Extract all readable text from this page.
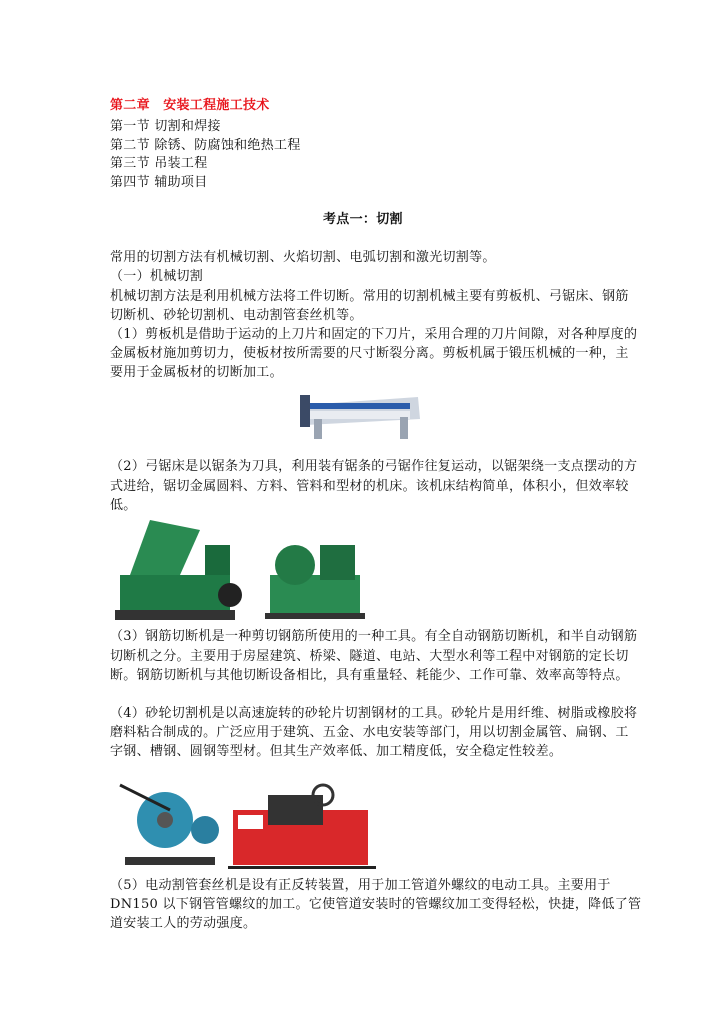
第二章　安装工程施工技术
第一节 切割和焊接
第二节 除锈、防腐蚀和绝热工程
第三节 吊装工程
第四节 辅助项目
考点一：切割
常用的切割方法有机械切割、火焰切割、电弧切割和激光切割等。
（一）机械切割
机械切割方法是利用机械方法将工件切断。常用的切割机械主要有剪板机、弓锯床、钢筋
切断机、砂轮切割机、电动割管套丝机等。
（1）剪板机是借助于运动的上刀片和固定的下刀片，采用合理的刀片间隙，对各种厚度的
金属板材施加剪切力，使板材按所需要的尺寸断裂分离。剪板机属于锻压机械的一种，主
要用于金属板材的切断加工。
（2）弓锯床是以锯条为刀具，利用装有锯条的弓锯作往复运动，以锯架绕一支点摆动的方
式进给，锯切金属圆料、方料、管料和型材的机床。该机床结构简单，体积小，但效率较
低。
（3）钢筋切断机是一种剪切钢筋所使用的一种工具。有全自动钢筋切断机，和半自动钢筋
切断机之分。主要用于房屋建筑、桥梁、隧道、电站、大型水利等工程中对钢筋的定长切
断。钢筋切断机与其他切断设备相比，具有重量轻、耗能少、工作可靠、效率高等特点。
（4）砂轮切割机是以高速旋转的砂轮片切割钢材的工具。砂轮片是用纤维、树脂或橡胶将
磨料粘合制成的。广泛应用于建筑、五金、水电安装等部门，用以切割金属管、扁钢、工
字钢、槽钢、圆钢等型材。但其生产效率低、加工精度低，安全稳定性较差。
（5）电动割管套丝机是设有正反转装置，用于加工管道外螺纹的电动工具。主要用于
DN150 以下钢管管螺纹的加工。它使管道安装时的管螺纹加工变得轻松，快捷，降低了管
道安装工人的劳动强度。
